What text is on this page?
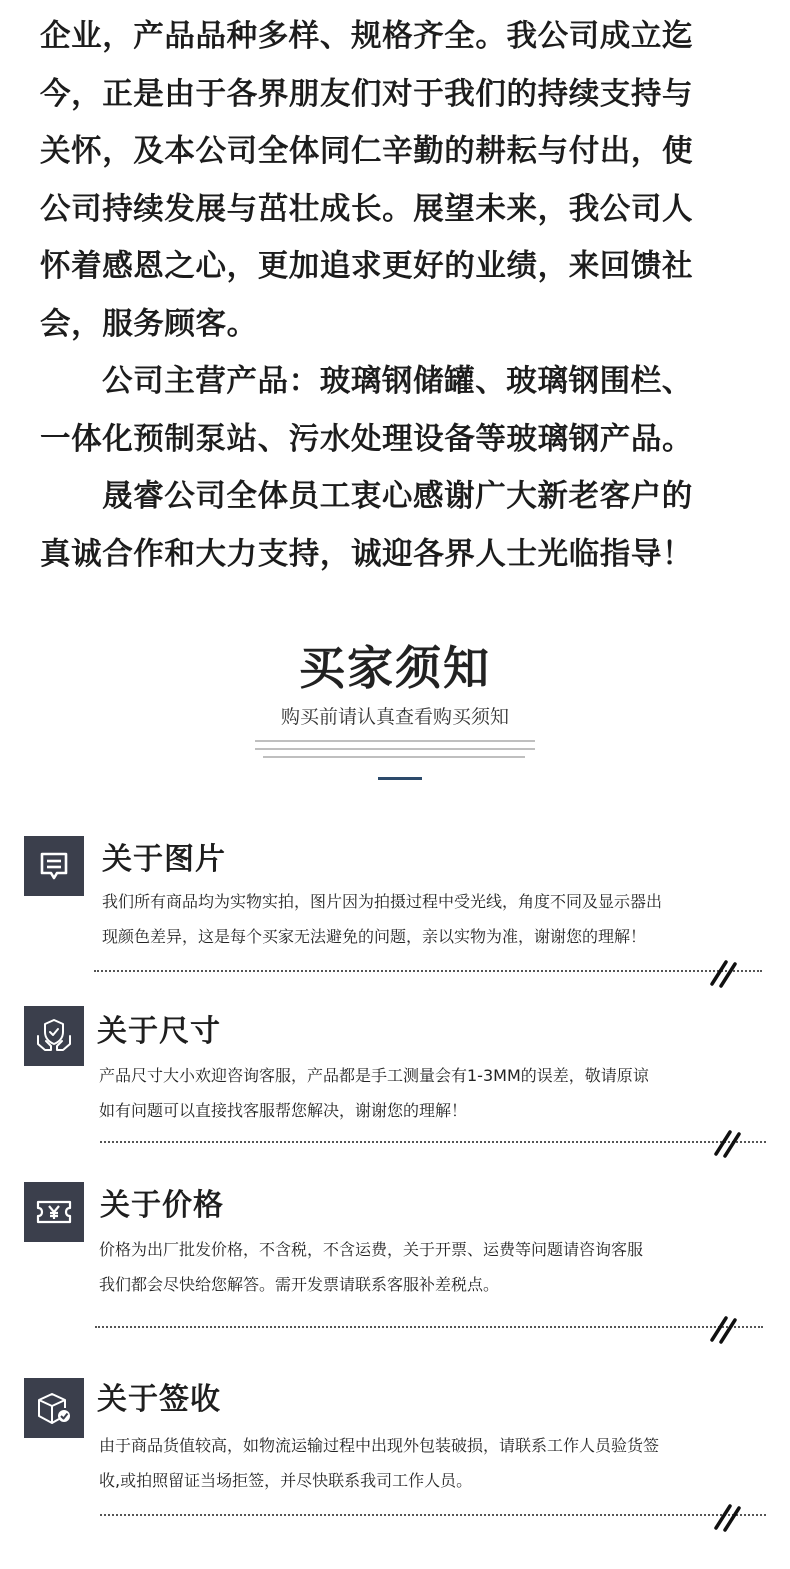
企业，产品品种多样、规格齐全。我公司成立迄

今，正是由于各界朋友们对于我们的持续支持与

关怀，及本公司全体同仁辛勤的耕耘与付出，使

公司持续发展与茁壮成长。展望未来，我公司人

怀着感恩之心，更加追求更好的业绩，来回馈社

会，服务顾客。

公司主营产品：玻璃钢储罐、玻璃钢围栏、

一体化预制泵站、污水处理设备等玻璃钢产品。

晟睿公司全体员工衷心感谢广大新老客户的

真诚合作和大力支持，诚迎各界人士光临指导！

买家须知
购买前请认真查看购买须知
关于图片

我们所有商品均为实物实拍，图片因为拍摄过程中受光线，角度不同及显示器出

现颜色差异，这是每个买家无法避免的问题，亲以实物为准，谢谢您的理解！

关于尺寸

产品尺寸大小欢迎咨询客服，产品都是手工测量会有1-3MM的误差，敬请原谅

如有问题可以直接找客服帮您解决，谢谢您的理解！

关于价格

价格为出厂批发价格，不含税，不含运费，关于开票、运费等问题请咨询客服

我们都会尽快给您解答。需开发票请联系客服补差税点。

关于签收

由于商品货值较高，如物流运输过程中出现外包装破损，请联系工作人员验货签

收,或拍照留证当场拒签，并尽快联系我司工作人员。
